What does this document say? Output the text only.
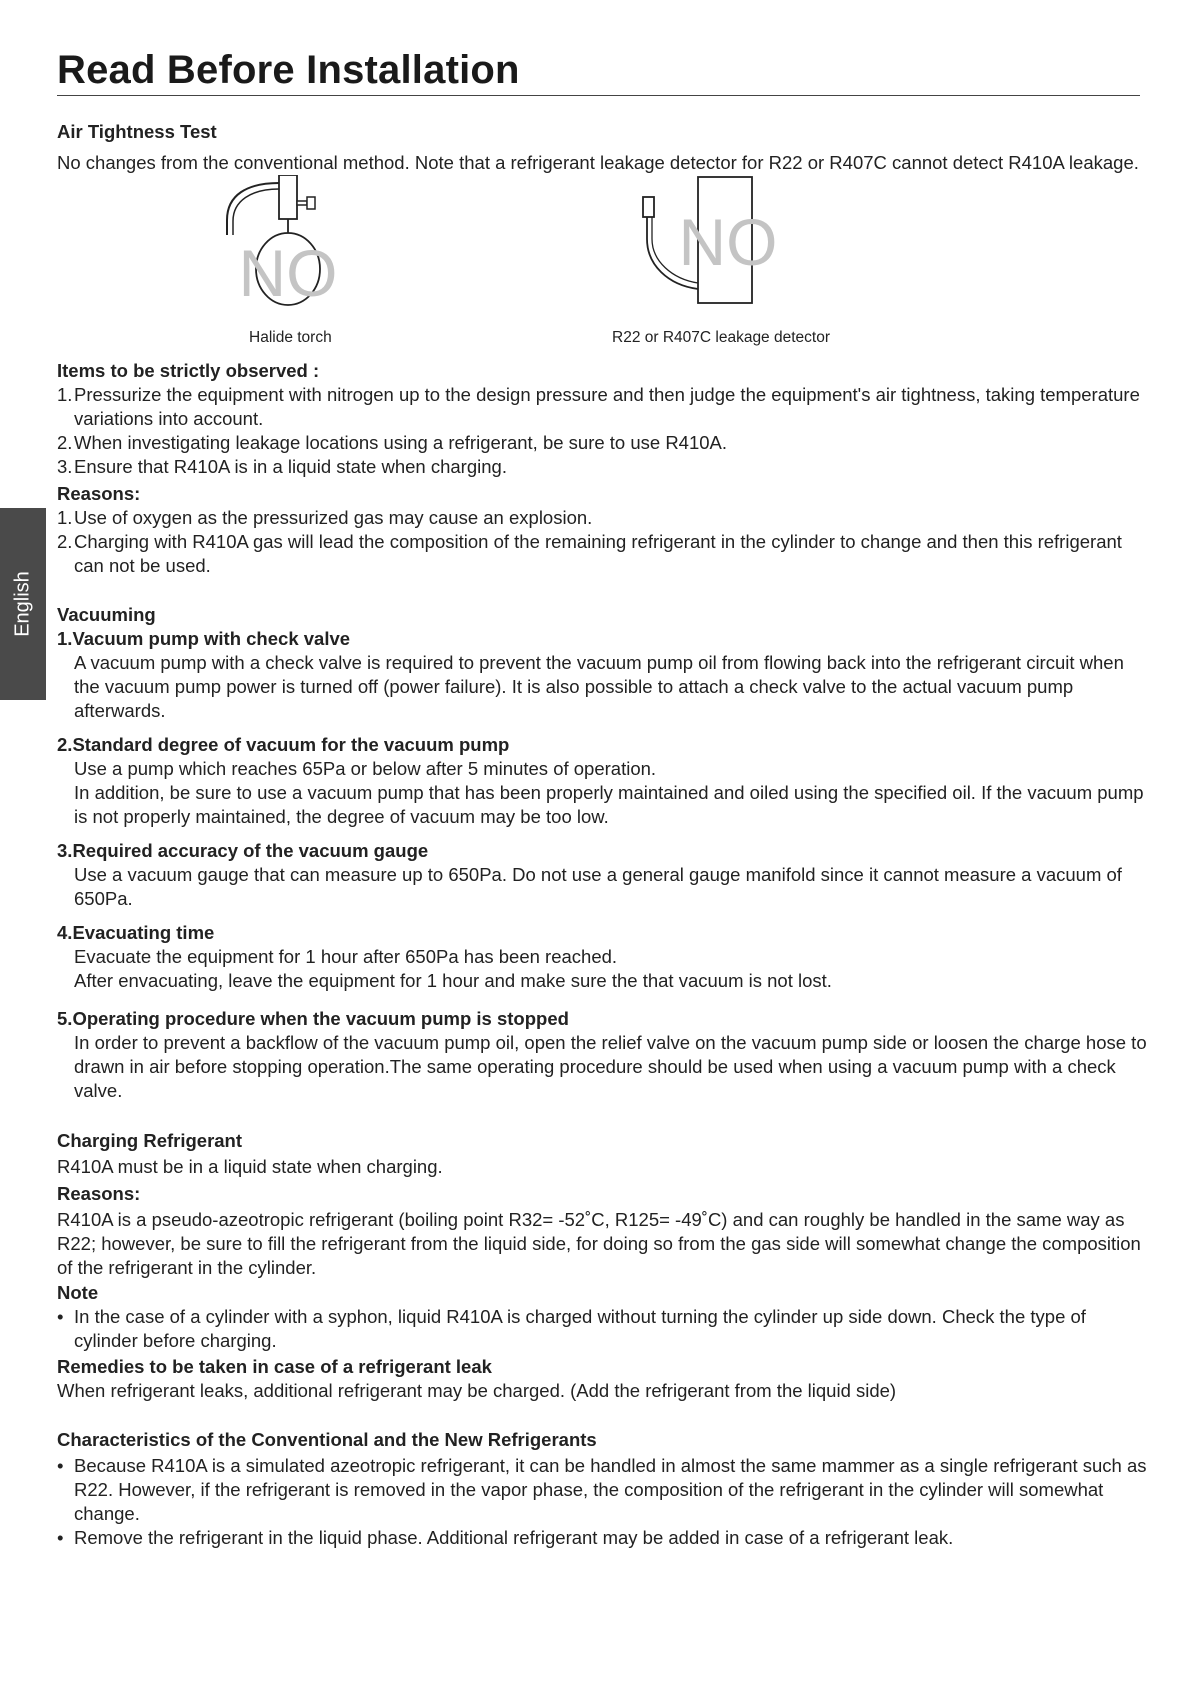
Read Before Installation
English

Air Tightness Test

No changes from the conventional method. Note that a refrigerant leakage detector for R22 or R407C cannot detect R410A leakage.

NO
Halide torch
NO
R22 or R407C leakage detector

Items to be strictly observed :

1. Pressurize the equipment with nitrogen up to the design pressure and then judge the equipment's air tightness, taking temperature variations into account.
2. When investigating leakage locations using a refrigerant, be sure to use R410A.
3. Ensure that R410A is in a liquid state when charging.

Reasons:

1. Use of oxygen as the pressurized gas may cause an explosion.
2. Charging with R410A gas will lead the composition of the remaining refrigerant in the cylinder to change and then this refrigerant can not be used.

Vacuuming

1.Vacuum pump with check valve

A vacuum pump with a check valve is required to prevent the vacuum pump oil from flowing back into the refrigerant circuit when the vacuum pump power is turned off (power failure). It is also possible to attach a check valve to the actual vacuum pump afterwards.

2.Standard degree of vacuum for the vacuum pump

Use a pump which reaches 65Pa or below after 5 minutes of operation.

In addition, be sure to use a vacuum pump that has been properly maintained and oiled using the specified oil. If the vacuum pump is not properly maintained, the degree of vacuum may be too low.

3.Required accuracy of the vacuum gauge

Use a vacuum gauge that can measure up to 650Pa. Do not use a general gauge manifold since it cannot measure a vacuum of 650Pa.

4.Evacuating time

Evacuate the equipment for 1 hour after 650Pa has been reached.

After envacuating, leave the equipment for 1 hour and make sure the that vacuum is not lost.

5.Operating procedure when the vacuum pump is stopped

In order to prevent a backflow of the vacuum pump oil, open the relief valve on the vacuum pump side or loosen the charge hose to drawn in air before stopping operation.The same operating procedure should be used when using a vacuum pump with a check valve.

Charging Refrigerant

R410A must be in a liquid state when charging.

Reasons:

R410A is a pseudo-azeotropic refrigerant (boiling point R32= -52˚C, R125= -49˚C) and can roughly be handled in the same way as R22; however, be sure to fill the refrigerant from the liquid side, for doing so from the gas side will somewhat change the composition of the refrigerant in the cylinder.

Note

• In the case of a cylinder with a syphon, liquid R410A is charged without turning the cylinder up side down. Check the type of cylinder before charging.

Remedies to be taken in case of a refrigerant leak

When refrigerant leaks, additional refrigerant may be charged. (Add the refrigerant from the liquid side)

Characteristics of the Conventional and the New Refrigerants

• Because R410A is a simulated azeotropic refrigerant, it can be handled in almost the same mammer as a single refrigerant such as R22. However, if the refrigerant is removed in the vapor phase, the composition of the refrigerant in the cylinder will somewhat change.
• Remove the refrigerant in the liquid phase. Additional refrigerant may be added in case of a refrigerant leak.
